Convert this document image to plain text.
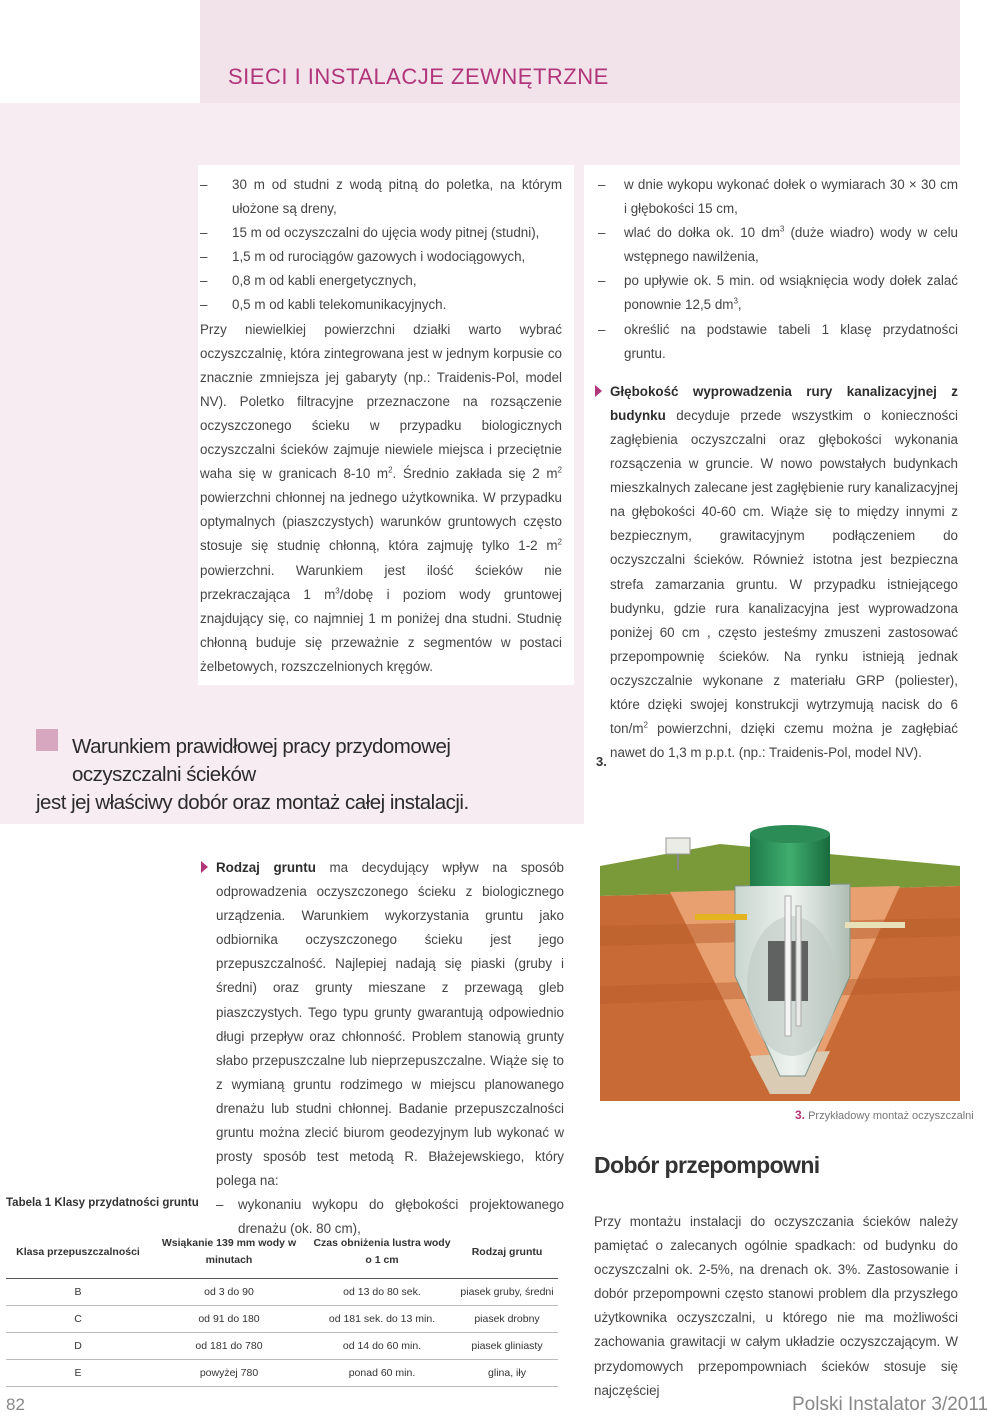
SIECI I INSTALACJE ZEWNĘTRZNE
– 30 m od studni z wodą pitną do poletka, na którym ułożone są dreny,
– 15 m od oczyszczalni do ujęcia wody pitnej (studni),
– 1,5 m od rurociągów gazowych i wodociągowych,
– 0,8 m od kabli energetycznych,
– 0,5 m od kabli telekomunikacyjnych.
Przy niewielkiej powierzchni działki warto wybrać oczyszczalnię, która zintegrowana jest w jednym korpusie co znacznie zmniejsza jej gabaryty (np.: Traidenis-Pol, model NV). Poletko filtracyjne przeznaczone na rozsączenie oczyszczonego ścieku w przypadku biologicznych oczyszczalni ścieków zajmuje niewiele miejsca i przeciętnie waha się w granicach 8-10 $m^2$. Średnio zakłada się 2 $m^2$ powierzchni chłonnej na jednego użytkownika. W przypadku optymalnych (piaszczystych) warunków gruntowych często stosuje się studnię chłonną, która zajmuję tylko 1-2 $m^2$ powierzchni. Warunkiem jest ilość ścieków nie przekraczająca 1 $m^3$/dobę i poziom wody gruntowej znajdujący się, co najmniej 1 m poniżej dna studni. Studnię chłonną buduje się przeważnie z segmentów w postaci żelbetowych, rozszczelnionych kręgów.
– w dnie wykopu wykonać dołek o wymiarach 30 × 30 cm i głębokości 15 cm,
– wlać do dołka ok. 10 $dm^3$ (duże wiadro) wody w celu wstępnego nawilżenia,
– po upływie ok. 5 min. od wsiąknięcia wody dołek zalać ponownie 12,5 $dm^3$,
– określić na podstawie tabeli 1 klasę przydatności gruntu.
Głębokość wyprowadzenia rury kanalizacyjnej z budynku decyduje przede wszystkim o konieczności zagłębienia oczyszczalni oraz głębokości wykonania rozsączenia w gruncie. W nowo powstałych budynkach mieszkalnych zalecane jest zagłębienie rury kanalizacyjnej na głębokości 40-60 cm. Wiąże się to między innymi z bezpiecznym, grawitacyjnym podłączeniem do oczyszczalni ścieków. Również istotna jest bezpieczna strefa zamarzania gruntu. W przypadku istniejącego budynku, gdzie rura kanalizacyjna jest wyprowadzona poniżej 60 cm , często jesteśmy zmuszeni zastosować przepompownię ścieków. Na rynku istnieją jednak oczyszczalnie wykonane z materiału GRP (poliester), które dzięki swojej konstrukcji wytrzymują nacisk do 6 ton/$m^2$ powierzchni, dzięki czemu można je zagłębiać nawet do 1,3 m p.p.t. (np.: Traidenis-Pol, model NV).
Warunkiem prawidłowej pracy przydomowej oczyszczalni ścieków
jest jej właściwy dobór oraz montaż całej instalacji.
3.
3. Przykładowy montaż oczyszczalni
Rodzaj gruntu ma decydujący wpływ na sposób odprowadzenia oczyszczonego ścieku z biologicznego urządzenia. Warunkiem wykorzystania gruntu jako odbiornika oczyszczonego ścieku jest jego przepuszczalność. Najlepiej nadają się piaski (gruby i średni) oraz grunty mieszane z przewagą gleb piaszczystych. Tego typu grunty gwarantują odpowiednio długi przepływ oraz chłonność. Problem stanowią grunty słabo przepuszczalne lub nieprzepuszczalne. Wiąże się to z wymianą gruntu rodzimego w miejscu planowanego drenażu lub studni chłonnej. Badanie przepuszczalności gruntu można zlecić biurom geodezyjnym lub wykonać w prosty sposób test metodą R. Błażejewskiego, który polega na:
– wykonaniu wykopu do głębokości projektowanego drenażu (ok. 80 cm),
Dobór przepompowni
Przy montażu instalacji do oczyszczania ścieków należy pamiętać o zalecanych ogólnie spadkach: od budynku do oczyszczalni ok. 2-5%, na drenach ok. 3%. Zastosowanie i dobór przepompowni często stanowi problem dla przyszłego użytkownika oczyszczalni, u którego nie ma możliwości zachowania grawitacji w całym układzie oczyszczającym. W przydomowych przepompowniach ścieków stosuje się najczęściej
Tabela 1 Klasy przydatności gruntu
Klasa przepuszczalności	Wsiąkanie 139 mm wody w minutach	Czas obniżenia lustra wody o 1 cm	Rodzaj gruntu
B	od 3 do 90	od 13 do 80 sek.	piasek gruby, średni
C	od 91 do 180	od 181 sek. do 13 min.	piasek drobny
D	od 181 do 780	od 14 do 60 min.	piasek gliniasty
E	powyżej 780	ponad 60 min.	glina, iły
82	Polski Instalator 3/2011
